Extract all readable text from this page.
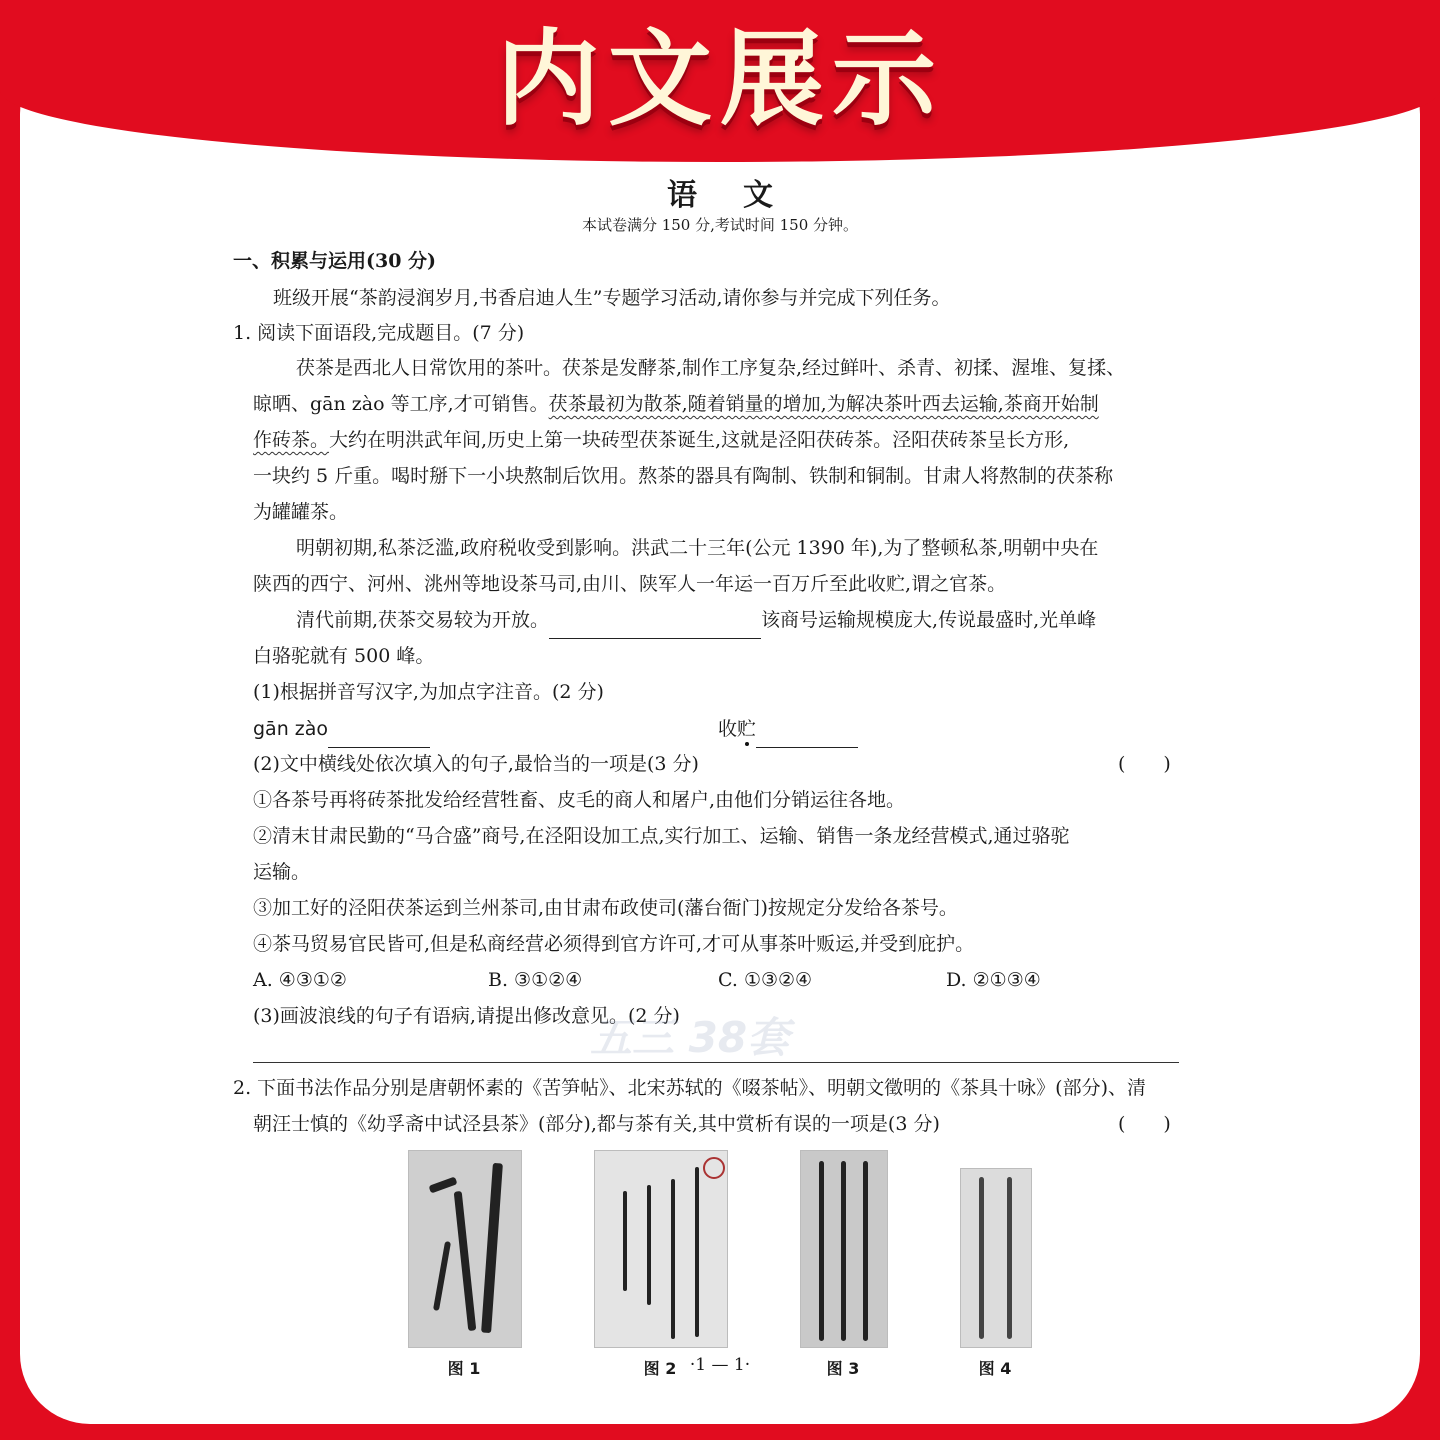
内文展示
语文
本试卷满分 150 分,考试时间 150 分钟。
一、积累与运用(30 分)
班级开展“茶韵浸润岁月,书香启迪人生”专题学习活动,请你参与并完成下列任务。
1. 阅读下面语段,完成题目。(7 分)
茯茶是西北人日常饮用的茶叶。茯茶是发酵茶,制作工序复杂,经过鲜叶、杀青、初揉、渥堆、复揉、
晾晒、gān zào 等工序,才可销售。茯茶最初为散茶,随着销量的增加,为解决茶叶西去运输,茶商开始制
作砖茶。大约在明洪武年间,历史上第一块砖型茯茶诞生,这就是泾阳茯砖茶。泾阳茯砖茶呈长方形,
一块约 5 斤重。喝时掰下一小块熬制后饮用。熬茶的器具有陶制、铁制和铜制。甘肃人将熬制的茯茶称
为罐罐茶。
明朝初期,私茶泛滥,政府税收受到影响。洪武二十三年(公元 1390 年),为了整顿私茶,明朝中央在
陕西的西宁、河州、洮州等地设茶马司,由川、陕军人一年运一百万斤至此收贮,谓之官茶。
清代前期,茯茶交易较为开放。	该商号运输规模庞大,传说最盛时,光单峰
白骆驼就有 500 峰。
(1)根据拼音写汉字,为加点字注音。(2 分)
gān zào	收贮
(2)文中横线处依次填入的句子,最恰当的一项是(3 分)	(　　)
①各茶号再将砖茶批发给经营牲畜、皮毛的商人和屠户,由他们分销运往各地。
②清末甘肃民勤的“马合盛”商号,在泾阳设加工点,实行加工、运输、销售一条龙经营模式,通过骆驼
运输。
③加工好的泾阳茯茶运到兰州茶司,由甘肃布政使司(藩台衙门)按规定分发给各茶号。
④茶马贸易官民皆可,但是私商经营必须得到官方许可,才可从事茶叶贩运,并受到庇护。
A. ④③①②	B. ③①②④	C. ①③②④	D. ②①③④
(3)画波浪线的句子有语病,请提出修改意见。(2 分)
五三 38套
2. 下面书法作品分别是唐朝怀素的《苦笋帖》、北宋苏轼的《啜茶帖》、明朝文徵明的《茶具十咏》(部分)、清
朝汪士慎的《幼孚斋中试泾县茶》(部分),都与茶有关,其中赏析有误的一项是(3 分)	(　　)
图 1	图 2	图 3	图 4
·1 — 1·
